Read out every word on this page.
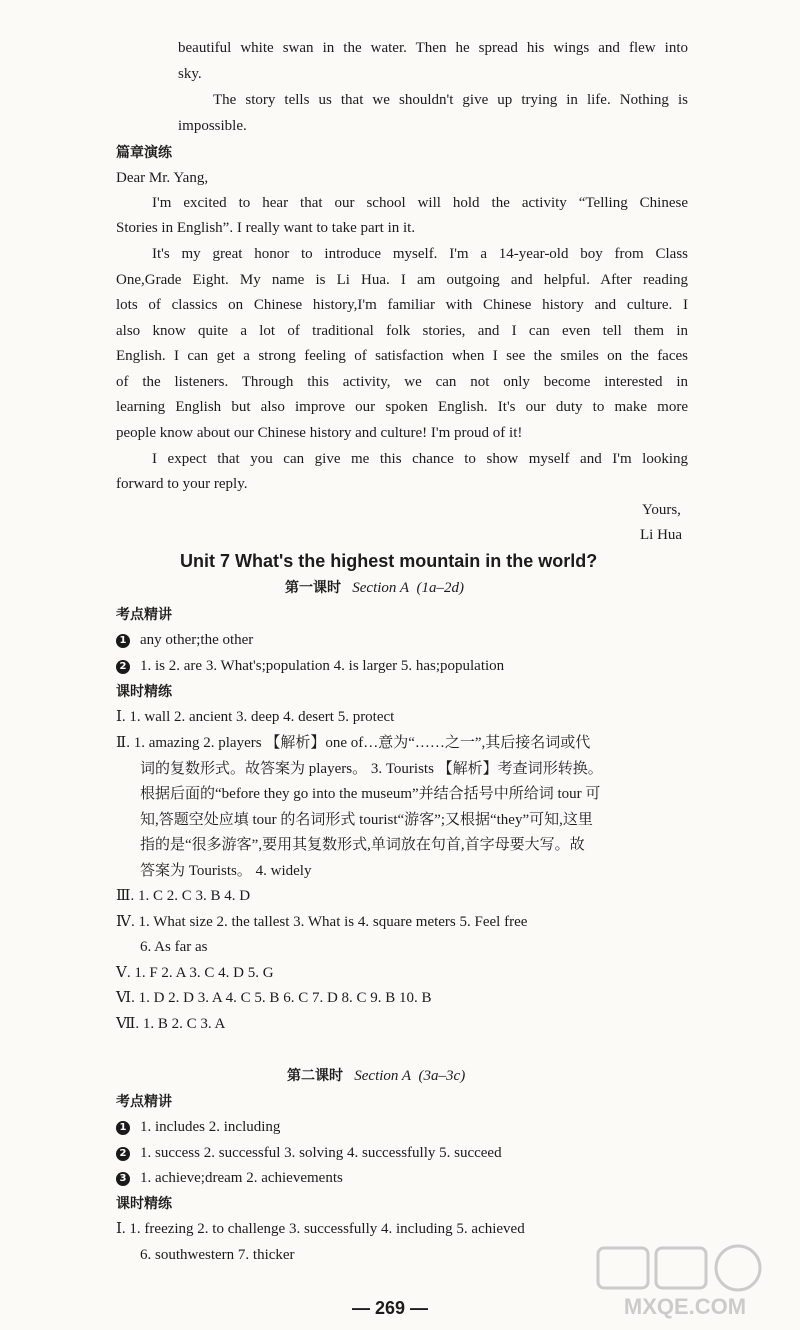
beautiful white swan in the water. Then he spread his wings and flew into
sky.
The story tells us that we shouldn't give up trying in life. Nothing is
impossible.
篇章演练
Dear Mr. Yang,
I'm excited to hear that our school will hold the activity “Telling Chinese
Stories in English”. I really want to take part in it.
It's my great honor to introduce myself. I'm a 14-year-old boy from Class
One,Grade Eight. My name is Li Hua. I am outgoing and helpful. After reading
lots of classics on Chinese history,I'm familiar with Chinese history and culture. I
also know quite a lot of traditional folk stories, and I can even tell them in
English. I can get a strong feeling of satisfaction when I see the smiles on the faces
of the listeners. Through this activity, we can not only become interested in
learning English but also improve our spoken English. It's our duty to make more
people know about our Chinese history and culture! I'm proud of it!
I expect that you can give me this chance to show myself and I'm looking
forward to your reply.
Yours,
Li Hua
Unit 7 What's the highest mountain in the world?
第一课时 Section A (1a–2d)
考点精讲
1 any other;the other
2 1. is 2. are 3. What's;population 4. is larger 5. has;population
课时精练
Ⅰ. 1. wall 2. ancient 3. deep 4. desert 5. protect
Ⅱ. 1. amazing 2. players 【解析】one of…意为“……之一”,其后接名词或代
词的复数形式。故答案为 players。 3. Tourists 【解析】考查词形转换。
根据后面的“before they go into the museum”并结合括号中所给词 tour 可
知,答题空处应填 tour 的名词形式 tourist“游客”;又根据“they”可知,这里
指的是“很多游客”,要用其复数形式,单词放在句首,首字母要大写。故
答案为 Tourists。 4. widely
Ⅲ. 1. C 2. C 3. B 4. D
Ⅳ. 1. What size 2. the tallest 3. What is 4. square meters 5. Feel free
6. As far as
Ⅴ. 1. F 2. A 3. C 4. D 5. G
Ⅵ. 1. D 2. D 3. A 4. C 5. B 6. C 7. D 8. C 9. B 10. B
Ⅶ. 1. B 2. C 3. A
第二课时 Section A (3a–3c)
考点精讲
1 1. includes 2. including
2 1. success 2. successful 3. solving 4. successfully 5. succeed
3 1. achieve;dream 2. achievements
课时精练
Ⅰ. 1. freezing 2. to challenge 3. successfully 4. including 5. achieved
6. southwestern 7. thicker
— 269 —	MXQE.COM
